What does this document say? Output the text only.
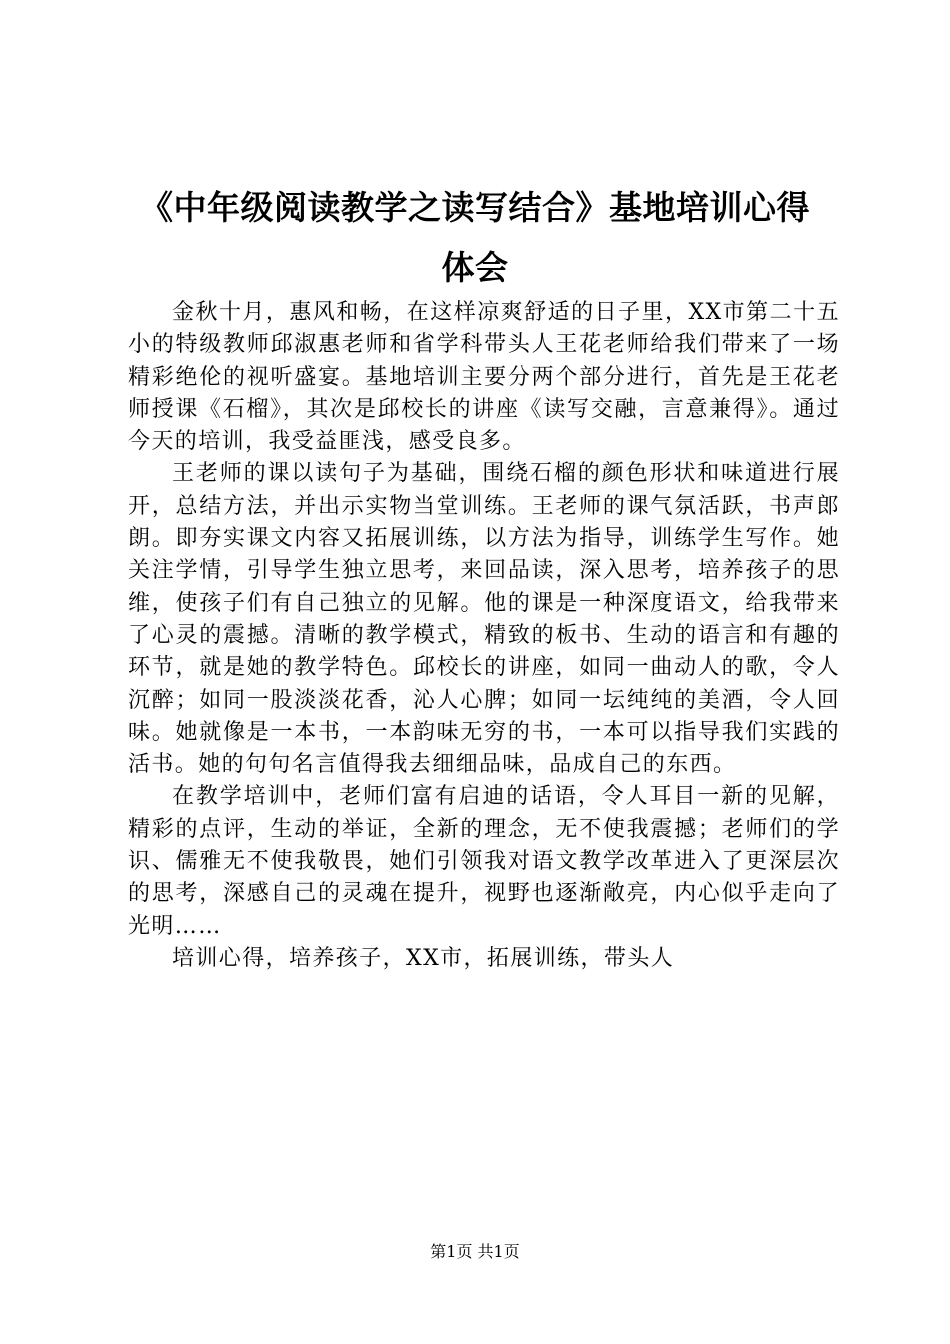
《中年级阅读教学之读写结合》基地培训心得
体会

金秋十月，惠风和畅，在这样凉爽舒适的日子里，XX市第二十五小的特级教师邱淑惠老师和省学科带头人王花老师给我们带来了一场精彩绝伦的视听盛宴。基地培训主要分两个部分进行，首先是王花老师授课《石榴》，其次是邱校长的讲座《读写交融，言意兼得》。通过今天的培训，我受益匪浅，感受良多。

王老师的课以读句子为基础，围绕石榴的颜色形状和味道进行展开，总结方法，并出示实物当堂训练。王老师的课气氛活跃，书声郎朗。即夯实课文内容又拓展训练，以方法为指导，训练学生写作。她关注学情，引导学生独立思考，来回品读，深入思考，培养孩子的思维，使孩子们有自己独立的见解。他的课是一种深度语文，给我带来了心灵的震撼。清晰的教学模式，精致的板书、生动的语言和有趣的环节，就是她的教学特色。邱校长的讲座，如同一曲动人的歌，令人沉醉；如同一股淡淡花香，沁人心脾；如同一坛纯纯的美酒，令人回味。她就像是一本书，一本韵味无穷的书，一本可以指导我们实践的活书。她的句句名言值得我去细细品味，品成自己的东西。

在教学培训中，老师们富有启迪的话语，令人耳目一新的见解，精彩的点评，生动的举证，全新的理念，无不使我震撼；老师们的学识、儒雅无不使我敬畏，她们引领我对语文教学改革进入了更深层次的思考，深感自己的灵魂在提升，视野也逐渐敞亮，内心似乎走向了光明……

培训心得，培养孩子，XX市，拓展训练，带头人

第1页 共1页
